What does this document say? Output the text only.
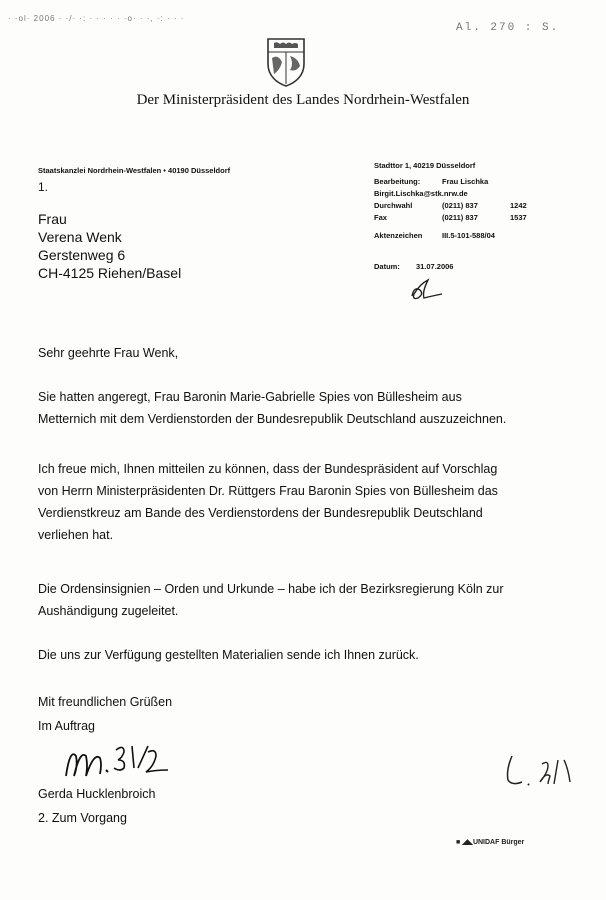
· ·ol· 2006 · ·/· ·: · · · · · ·o· · ·, ·: · · ·
Al. 270 : S.
Der Ministerpräsident des Landes Nordrhein-Westfalen
Staatskanzlei Nordrhein-Westfalen • 40190 Düsseldorf
1.
Frau
Verena Wenk
Gerstenweg 6
CH-4125 Riehen/Basel
Stadttor 1, 40219 Düsseldorf
Bearbeitung:	Frau Lischka
Birgit.Lischka@stk.nrw.de
Durchwahl	(0211) 837	1242
Fax	(0211) 837	1537
Aktenzeichen	III.5-101-588/04
Datum: 31.07.2006
Sehr geehrte Frau Wenk,
Sie hatten angeregt, Frau Baronin Marie-Gabrielle Spies von Büllesheim aus
Metternich mit dem Verdienstorden der Bundesrepublik Deutschland auszuzeichnen.
Ich freue mich, Ihnen mitteilen zu können, dass der Bundespräsident auf Vorschlag
von Herrn Ministerpräsidenten Dr. Rüttgers Frau Baronin Spies von Büllesheim das
Verdienstkreuz am Bande des Verdienstordens der Bundesrepublik Deutschland
verliehen hat.
Die Ordensinsignien – Orden und Urkunde – habe ich der Bezirksregierung Köln zur
Aushändigung zugeleitet.
Die uns zur Verfügung gestellten Materialien sende ich Ihnen zurück.
Mit freundlichen Grüßen
Im Auftrag
Gerda Hucklenbroich
2. Zum Vorgang
■ ◢◣UNIDAF Bürger
